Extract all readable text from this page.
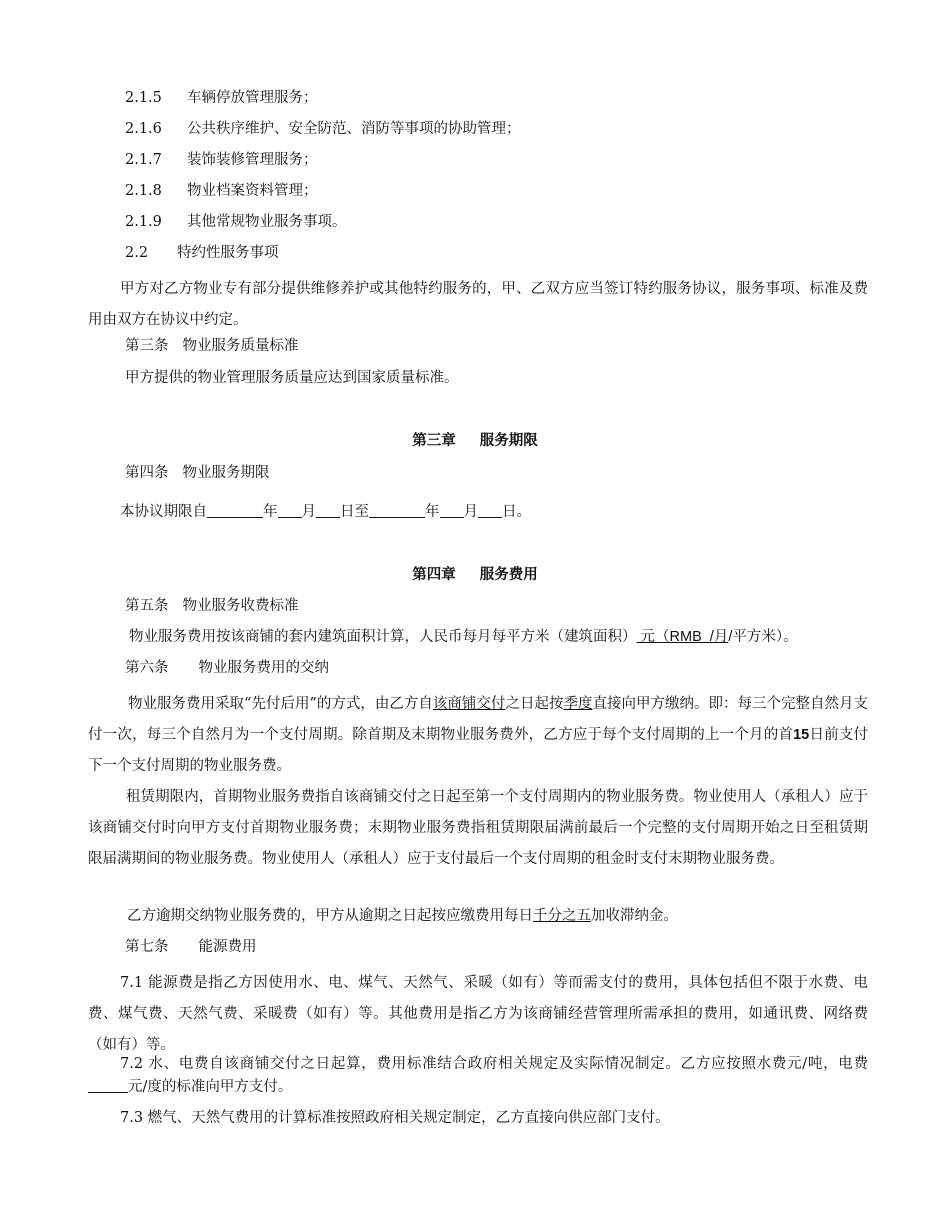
2.1.5 车辆停放管理服务；
2.1.6 公共秩序维护、安全防范、消防等事项的协助管理；
2.1.7 装饰装修管理服务；
2.1.8 物业档案资料管理；
2.1.9 其他常规物业服务事项。
2.2 特约性服务事项
甲方对乙方物业专有部分提供维修养护或其他特约服务的，甲、乙双方应当签订特约服务协议，服务事项、标准及费用由双方在协议中约定。
第三条 物业服务质量标准
甲方提供的物业管理服务质量应达到国家质量标准。
第三章 服务期限
第四条 物业服务期限
本协议期限自	年 月 日至	年 月 日。
第四章 服务费用
第五条 物业服务收费标准
物业服务费用按该商铺的套内建筑面积计算，人民币每月每平方米（建筑面积） 元（RMB  /月/平方米）。
第六条 物业服务费用的交纳
物业服务费用采取“先付后用”的方式，由乙方自该商铺交付之日起按季度直接向甲方缴纳。即：每三个完整自然月支付一次，每三个自然月为一个支付周期。除首期及末期物业服务费外，乙方应于每个支付周期的上一个月的首15日前支付下一个支付周期的物业服务费。
租赁期限内，首期物业服务费指自该商铺交付之日起至第一个支付周期内的物业服务费。物业使用人（承租人）应于该商铺交付时向甲方支付首期物业服务费；末期物业服务费指租赁期限届满前最后一个完整的支付周期开始之日至租赁期限届满期间的物业服务费。物业使用人（承租人）应于支付最后一个支付周期的租金时支付末期物业服务费。
乙方逾期交纳物业服务费的，甲方从逾期之日起按应缴费用每日千分之五加收滞纳金。
第七条 能源费用
7.1 能源费是指乙方因使用水、电、煤气、天然气、采暖（如有）等而需支付的费用，具体包括但不限于水费、电费、煤气费、天然气费、采暖费（如有）等。其他费用是指乙方为该商铺经营管理所需承担的费用，如通讯费、网络费（如有）等。
7.2 水、电费自该商铺交付之日起算，费用标准结合政府相关规定及实际情况制定。乙方应按照水费元/吨，电费元/度的标准向甲方支付。
7.3 燃气、天然气费用的计算标准按照政府相关规定制定，乙方直接向供应部门支付。
